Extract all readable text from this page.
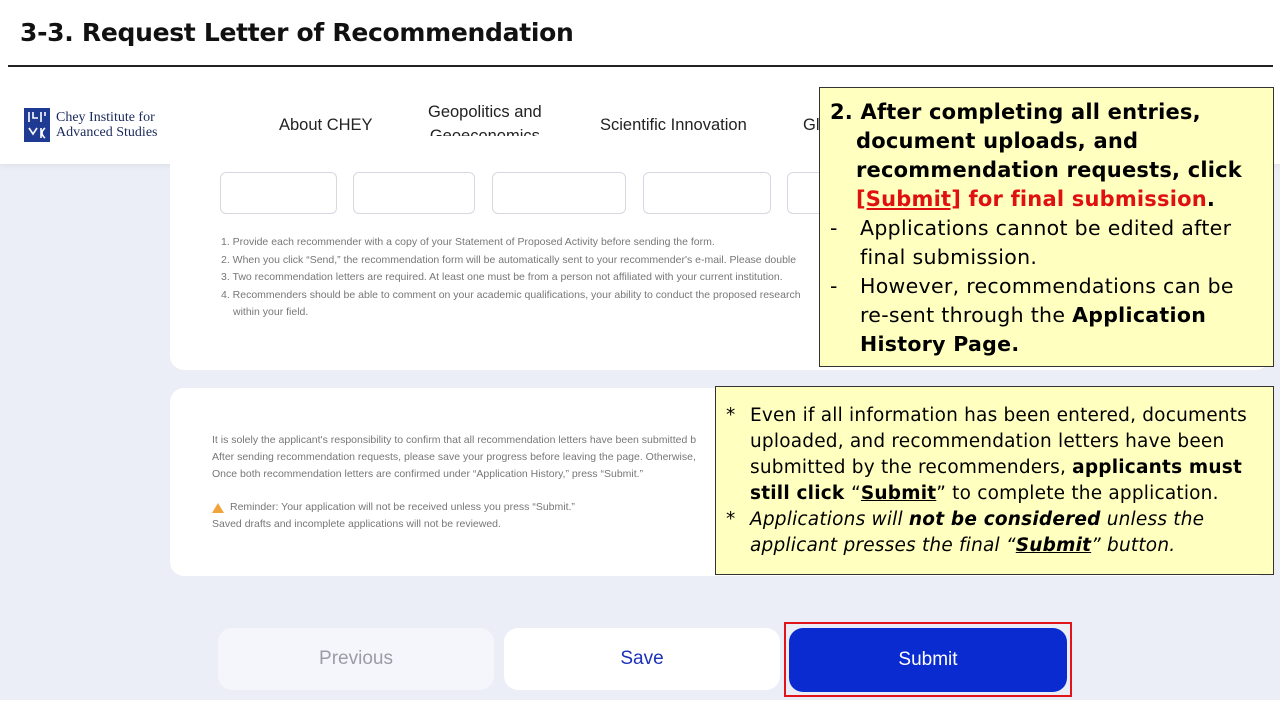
3-3. Request Letter of Recommendation
Chey Institute for
Advanced Studies	About CHEY
Geopolitics and
Scientific Innovation	Gl
1. Provide each recommender with a copy of your Statement of Proposed Activity before sending the form.
2. When you click “Send,” the recommendation form will be automatically sent to your recommender's e-mail. Please double
3. Two recommendation letters are required. At least one must be from a person not affiliated with your current institution.
4. Recommenders should be able to comment on your academic qualifications, your ability to conduct the proposed research
within your field.
It is solely the applicant's responsibility to confirm that all recommendation letters have been submitted b
After sending recommendation requests, please save your progress before leaving the page. Otherwise,
Once both recommendation letters are confirmed under “Application History,” press “Submit.”
Reminder: Your application will not be received unless you press “Submit.”
Saved drafts and incomplete applications will not be reviewed.
Previous	Save	Submit
2. After completing all entries, document uploads, and recommendation requests, click [Submit] for final submission.
- Applications cannot be edited after final submission.
- However, recommendations can be re-sent through the Application History Page.
* Even if all information has been entered, documents uploaded, and recommendation letters have been submitted by the recommenders, applicants must still click “Submit” to complete the application.
* Applications will not be considered unless the applicant presses the final “Submit” button.
